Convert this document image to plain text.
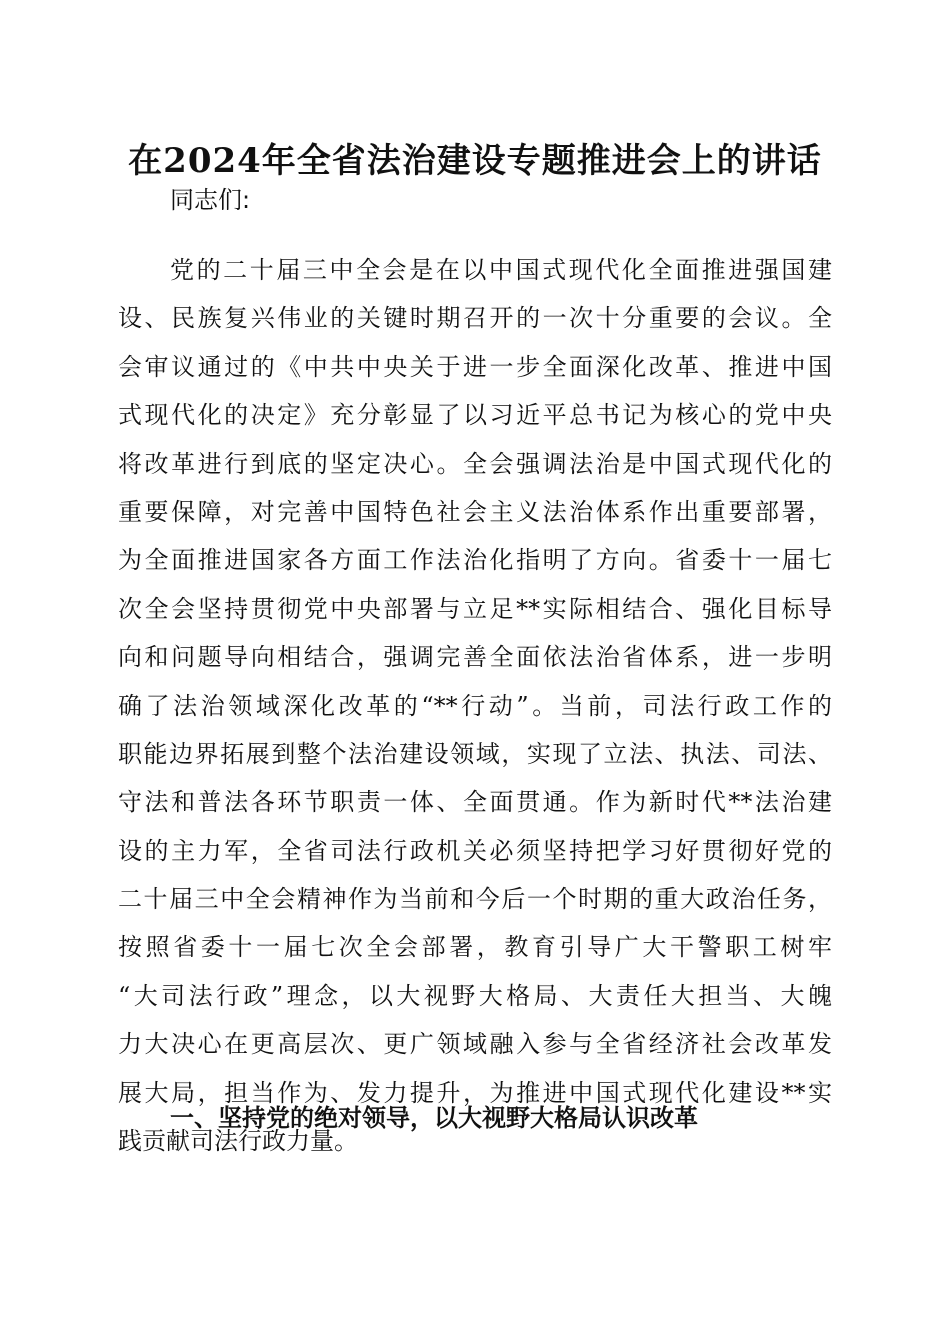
在2024年全省法治建设专题推进会上的讲话
同志们:
党的二十届三中全会是在以中国式现代化全面推进强国建
设、民族复兴伟业的关键时期召开的一次十分重要的会议。全
会审议通过的《中共中央关于进一步全面深化改革、推进中国
式现代化的决定》充分彰显了以习近平总书记为核心的党中央
将改革进行到底的坚定决心。全会强调法治是中国式现代化的
重要保障，对完善中国特色社会主义法治体系作出重要部署，
为全面推进国家各方面工作法治化指明了方向。省委十一届七
次全会坚持贯彻党中央部署与立足**实际相结合、强化目标导
向和问题导向相结合，强调完善全面依法治省体系，进一步明
确了法治领域深化改革的“**行动”。当前，司法行政工作的
职能边界拓展到整个法治建设领域，实现了立法、执法、司法、
守法和普法各环节职责一体、全面贯通。作为新时代**法治建
设的主力军，全省司法行政机关必须坚持把学习好贯彻好党的
二十届三中全会精神作为当前和今后一个时期的重大政治任务，
按照省委十一届七次全会部署，教育引导广大干警职工树牢
“大司法行政”理念，以大视野大格局、大责任大担当、大魄
力大决心在更高层次、更广领域融入参与全省经济社会改革发
展大局，担当作为、发力提升，为推进中国式现代化建设**实
践贡献司法行政力量。
一、坚持党的绝对领导，以大视野大格局认识改革
